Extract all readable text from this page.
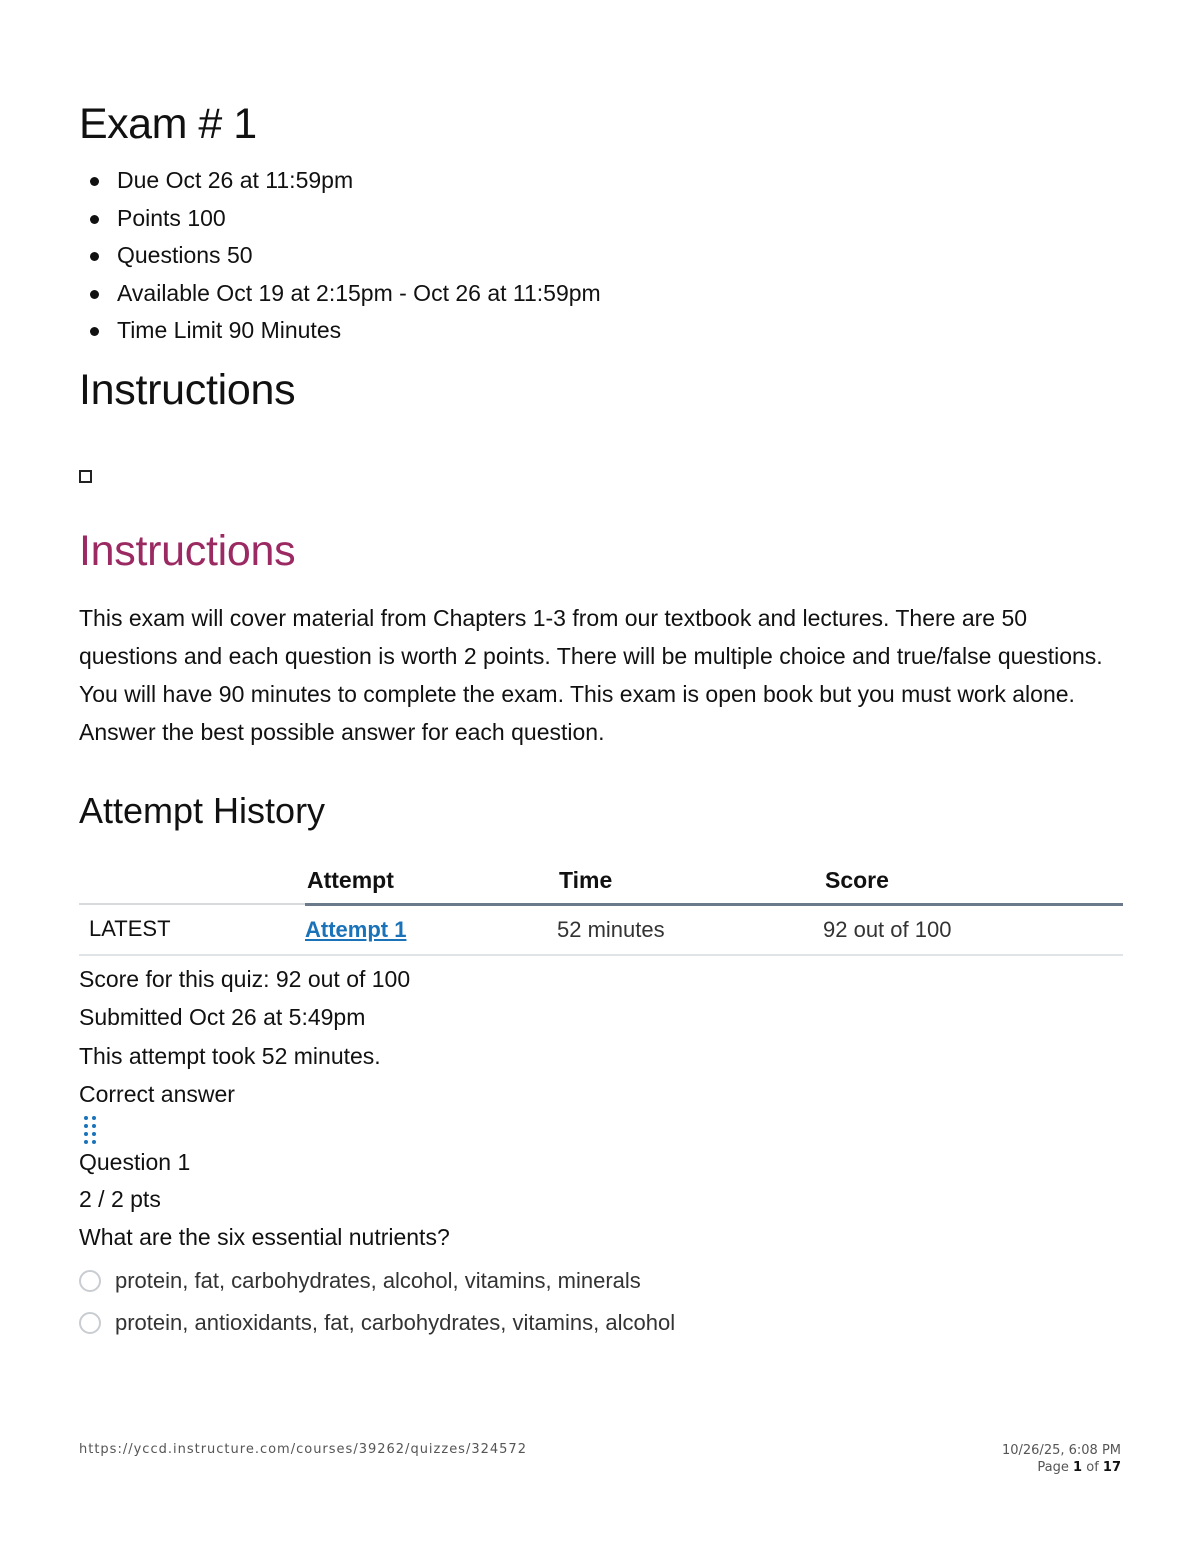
Exam # 1
Due Oct 26 at 11:59pm
Points 100
Questions 50
Available Oct 19 at 2:15pm - Oct 26 at 11:59pm
Time Limit 90 Minutes
Instructions
Instructions

This exam will cover material from Chapters 1-3 from our textbook and lectures. There are 50 questions and each question is worth 2 points. There will be multiple choice and true/false questions. You will have 90 minutes to complete the exam. This exam is open book but you must work alone. Answer the best possible answer for each question.

Attempt History
	Attempt	Time	Score
LATEST	Attempt 1	52 minutes	92 out of 100
Score for this quiz: 92 out of 100
Submitted Oct 26 at 5:49pm
This attempt took 52 minutes.
Correct answer
Question 1
2 / 2 pts
What are the six essential nutrients?
protein, fat, carbohydrates, alcohol, vitamins, minerals
protein, antioxidants, fat, carbohydrates, vitamins, alcohol
https://yccd.instructure.com/courses/39262/quizzes/324572	10/26/25, 6:08 PM
Page 1 of 17
